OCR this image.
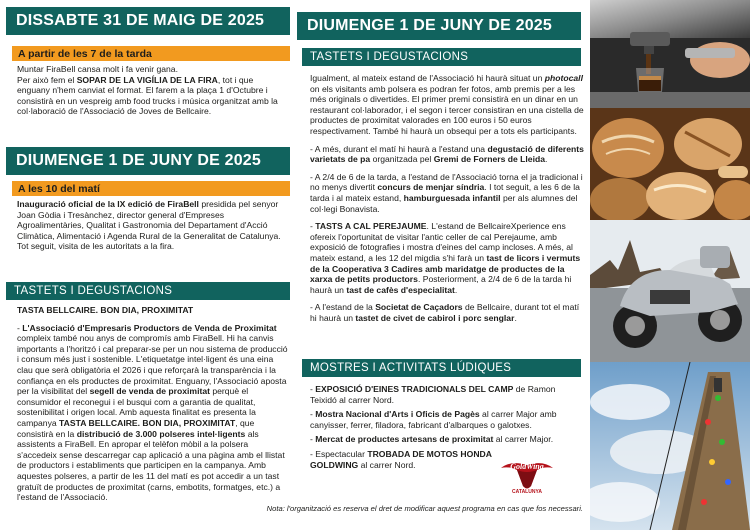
DISSABTE 31 DE MAIG DE 2025
A partir de les 7 de la tarda
Muntar FiraBell cansa molt i fa venir gana.
Per això fem el SOPAR DE LA VIGÍLIA DE LA FIRA, tot i que enguany n'hem canviat el format. El farem a la plaça 1 d'Octubre i consistirà en un vespreig amb food trucks i música organitzat amb la col·laboració de l'Associació de Joves de Bellcaire.
DIUMENGE 1 DE JUNY DE 2025
A les 10 del matí
Inauguració oficial de la IX edició de FiraBell presidida pel senyor Joan Gòdia i Tresànchez, director general d'Empreses Agroalimentàries, Qualitat i Gastronomia del Departament d'Acció Climàtica, Alimentació i Agenda Rural de la Generalitat de Catalunya. Tot seguit, visita de les autoritats a la fira.
TASTETS I DEGUSTACIONS
TASTA BELLCAIRE. BON DIA, PROXIMITAT
- L'Associació d'Empresaris Productors de Venda de Proximitat compleix també nou anys de compromís amb FiraBell. Hi ha canvis importants a l'horitzó i cal preparar-se per un nou sistema de producció i consum més just i sostenible. L'etiquetatge intel·ligent és una eina clau que serà obligatòria el 2026 i que reforçarà la transparència i la confiança en els productes de proximitat. Enguany, l'Associació aposta per la visibilitat del segell de venda de proximitat perquè el consumidor el reconegui i el busqui com a garantia de qualitat, sostenibilitat i origen local. Amb aquesta finalitat es presenta la campanya TASTA BELLCAIRE. BON DIA, PROXIMITAT, que consistirà en la distribució de 3.000 polseres intel·ligents als assistents a FiraBell. En apropar el telèfon mòbil a la polsera s'accedeix sense descarregar cap aplicació a una pàgina amb el llistat de productors i establiments que participen en la campanya. Amb aquestes polseres, a partir de les 11 del matí es pot accedir a un tast gratuït de productes de proximitat (carns, embotits, formatges, etc.) a l'estand de l'Associació.
DIUMENGE 1 DE JUNY DE 2025
TASTETS I DEGUSTACIONS
Igualment, al mateix estand de l'Associació hi haurà situat un photocall on els visitants amb polsera es podran fer fotos, amb premis per a les més originals o divertides. El primer premi consistirà en un dinar en un restaurant col·laborador, i el segon i tercer consistiran en una cistella de productes de proximitat valorades en 100 euros i 50 euros respectivament. També hi haurà un obsequi per a tots els participants.
- A més, durant el matí hi haurà a l'estand una degustació de diferents varietats de pa organitzada pel Gremi de Forners de Lleida.
- A 2/4 de 6 de la tarda, a l'estand de l'Associació torna el ja tradicional i no menys divertit concurs de menjar síndria. I tot seguit, a les 6 de la tarda i al mateix estand, hamburguesada infantil per als alumnes del col·legi Bonavista.
- TASTS A CAL PEREJAUME. L'estand de BellcaireXperience ens ofereix l'oportunitat de visitar l'antic celler de cal Perejaume, amb exposició de fotografies i mostra d'eines del camp incloses. A més, al mateix estand, a les 12 del migdia s'hi farà un tast de licors i vermuts de la Cooperativa 3 Cadires amb maridatge de productes de la xarxa de petits productors. Posteriorment, a 2/4 de 6 de la tarda hi haurà un tast de cafès d'especialitat.
- A l'estand de la Societat de Caçadors de Bellcaire, durant tot el matí hi haurà un tastet de civet de cabirol i porc senglar.
MOSTRES I ACTIVITATS LÚDIQUES
- EXPOSICIÓ D'EINES TRADICIONALS DEL CAMP de Ramon Teixidó al carrer Nord.
- Mostra Nacional d'Arts i Oficis de Pagès al carrer Major amb canyisser, ferrer, filadora, fabricant d'albarques o galotxes.
- Mercat de productes artesans de proximitat al carrer Major.
- Espectacular TROBADA DE MOTOS HONDA GOLDWING al carrer Nord.	GoldWing
CATALUNYA
Nota: l'organització es reserva el dret de modificar aquest programa en cas que fos necessari.
